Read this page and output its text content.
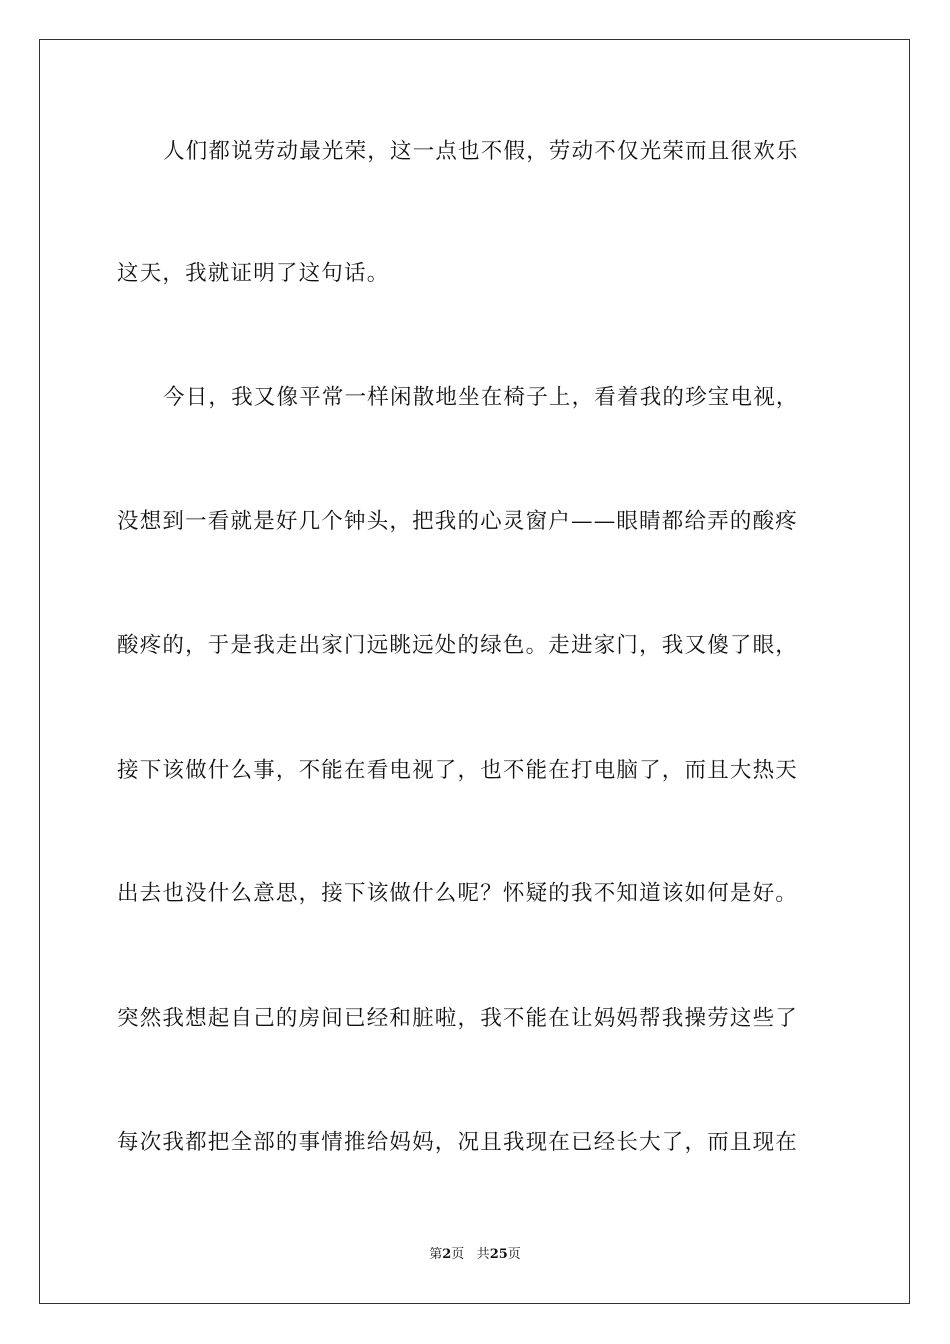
人们都说劳动最光荣，这一点也不假，劳动不仅光荣而且很欢乐
这天，我就证明了这句话。
今日，我又像平常一样闲散地坐在椅子上，看着我的珍宝电视，
没想到一看就是好几个钟头，把我的心灵窗户——眼睛都给弄的酸疼
酸疼的，于是我走出家门远眺远处的绿色。走进家门，我又傻了眼，
接下该做什么事，不能在看电视了，也不能在打电脑了，而且大热天
出去也没什么意思，接下该做什么呢？怀疑的我不知道该如何是好。
突然我想起自己的房间已经和脏啦，我不能在让妈妈帮我操劳这些了
每次我都把全部的事情推给妈妈，况且我现在已经长大了，而且现在
第2页 共25页
